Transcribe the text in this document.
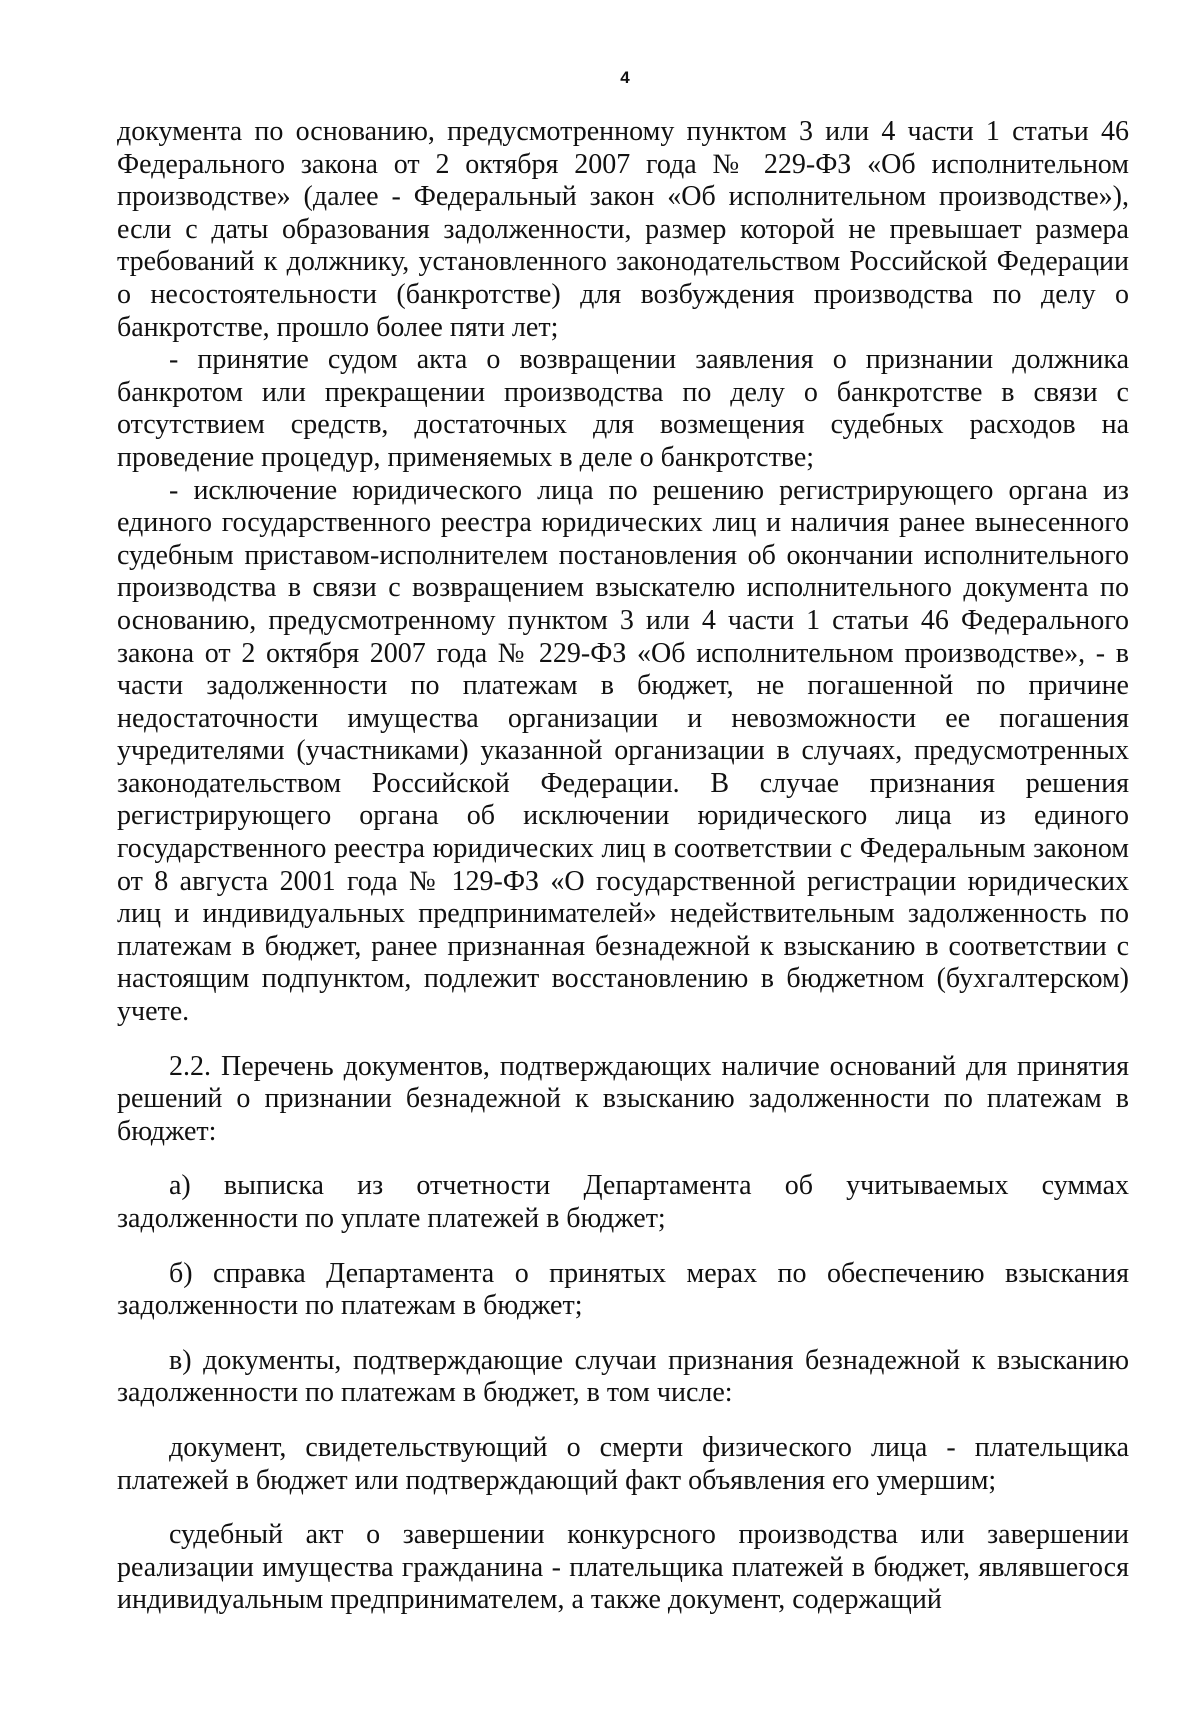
4

документа по основанию, предусмотренному пунктом 3 или 4 части 1 статьи 46 Федерального закона от 2 октября 2007 года № 229-ФЗ «Об исполнительном производстве» (далее - Федеральный закон «Об исполнительном производстве»), если с даты образования задолженности, размер которой не превышает размера требований к должнику, установленного законодательством Российской Федерации о несостоятельности (банкротстве) для возбуждения производства по делу о банкротстве, прошло более пяти лет;

- принятие судом акта о возвращении заявления о признании должника банкротом или прекращении производства по делу о банкротстве в связи с отсутствием средств, достаточных для возмещения судебных расходов на проведение процедур, применяемых в деле о банкротстве;

- исключение юридического лица по решению регистрирующего органа из единого государственного реестра юридических лиц и наличия ранее вынесенного судебным приставом-исполнителем постановления об окончании исполнительного производства в связи с возвращением взыскателю исполнительного документа по основанию, предусмотренному пунктом 3 или 4 части 1 статьи 46 Федерального закона от 2 октября 2007 года № 229-ФЗ «Об исполнительном производстве», - в части задолженности по платежам в бюджет, не погашенной по причине недостаточности имущества организации и невозможности ее погашения учредителями (участниками) указанной организации в случаях, предусмотренных законодательством Российской Федерации. В случае признания решения регистрирующего органа об исключении юридического лица из единого государственного реестра юридических лиц в соответствии с Федеральным законом от 8 августа 2001 года № 129-ФЗ «О государственной регистрации юридических лиц и индивидуальных предпринимателей» недействительным задолженность по платежам в бюджет, ранее признанная безнадежной к взысканию в соответствии с настоящим подпунктом, подлежит восстановлению в бюджетном (бухгалтерском) учете.

2.2. Перечень документов, подтверждающих наличие оснований для принятия решений о признании безнадежной к взысканию задолженности по платежам в бюджет:

а) выписка из отчетности Департамента об учитываемых суммах задолженности по уплате платежей в бюджет;

б) справка Департамента о принятых мерах по обеспечению взыскания задолженности по платежам в бюджет;

в) документы, подтверждающие случаи признания безнадежной к взысканию задолженности по платежам в бюджет, в том числе:

документ, свидетельствующий о смерти физического лица - плательщика платежей в бюджет или подтверждающий факт объявления его умершим;

судебный акт о завершении конкурсного производства или завершении реализации имущества гражданина - плательщика платежей в бюджет, являвшегося индивидуальным предпринимателем, а также документ, содержащий
